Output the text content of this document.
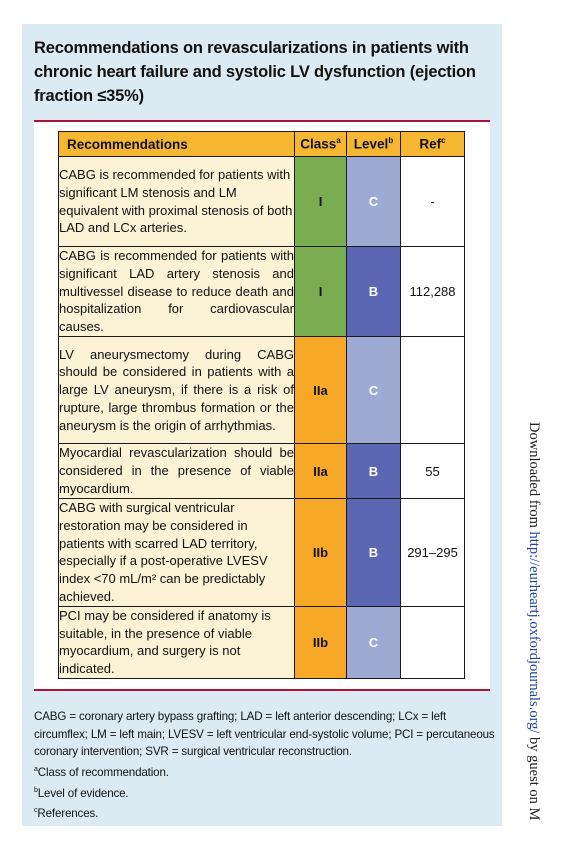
Recommendations on revascularizations in patients with chronic heart failure and systolic LV dysfunction (ejection fraction ≤35%)
Recommendations	Class$^a$	Level$^b$	Ref$^c$
CABG is recommended for patients with significant LM stenosis and LM equivalent with proximal stenosis of both LAD and LCx arteries.	I	C	-
CABG is recommended for patients with significant LAD artery stenosis and multivessel disease to reduce death and hospitalization for cardiovascular causes.	I	B	112,288
LV aneurysmectomy during CABG should be considered in patients with a large LV aneurysm, if there is a risk of rupture, large thrombus formation or the aneurysm is the origin of arrhythmias.	IIa	C	
Myocardial revascularization should be considered in the presence of viable myocardium.	IIa	B	55
CABG with surgical ventricular restoration may be considered in patients with scarred LAD territory, especially if a post-operative LVESV index <70 mL/m² can be predictably achieved.	IIb	B	291–295
PCI may be considered if anatomy is suitable, in the presence of viable myocardium, and surgery is not indicated.	IIb	C	

CABG = coronary artery bypass grafting; LAD = left anterior descending; LCx = left circumflex; LM = left main; LVESV = left ventricular end-systolic volume; PCI = percutaneous coronary intervention; SVR = surgical ventricular reconstruction.

$^a$Class of recommendation.

$^b$Level of evidence.

$^c$References.

Downloaded from http://eurheartj.oxfordjournals.org/ by guest on M
